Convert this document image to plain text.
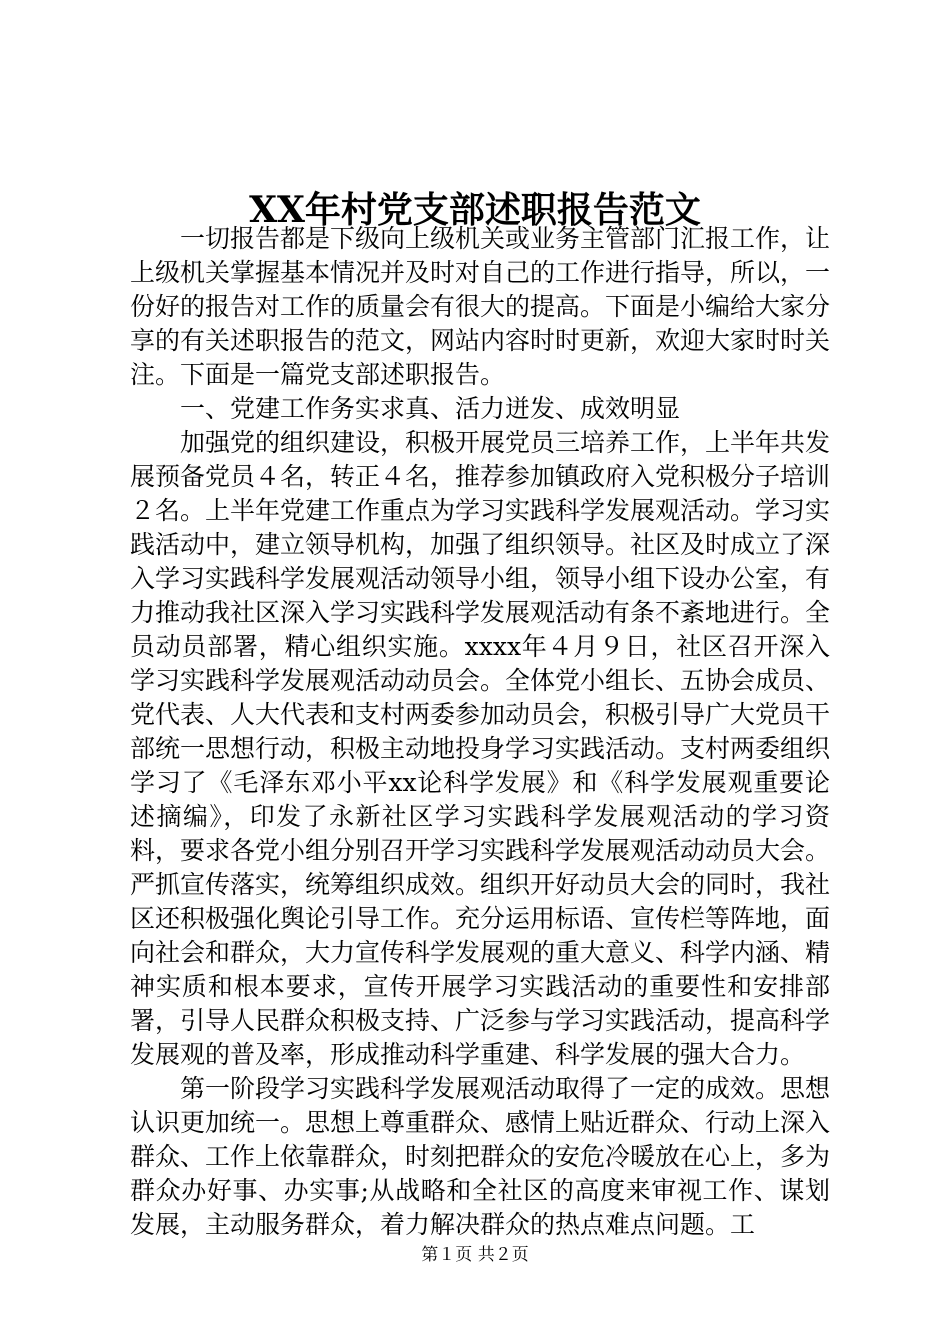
XX年村党支部述职报告范文

一切报告都是下级向上级机关或业务主管部门汇报工作，让上级机关掌握基本情况并及时对自己的工作进行指导，所以，一份好的报告对工作的质量会有很大的提高。下面是小编给大家分享的有关述职报告的范文，网站内容时时更新，欢迎大家时时关注。下面是一篇党支部述职报告。

一、党建工作务实求真、活力迸发、成效明显

加强党的组织建设，积极开展党员三培养工作，上半年共发展预备党员４名，转正４名，推荐参加镇政府入党积极分子培训２名。上半年党建工作重点为学习实践科学发展观活动。学习实践活动中，建立领导机构，加强了组织领导。社区及时成立了深入学习实践科学发展观活动领导小组，领导小组下设办公室，有力推动我社区深入学习实践科学发展观活动有条不紊地进行。全员动员部署，精心组织实施。xxxx年４月９日，社区召开深入学习实践科学发展观活动动员会。全体党小组长、五协会成员、党代表、人大代表和支村两委参加动员会，积极引导广大党员干部统一思想行动，积极主动地投身学习实践活动。支村两委组织学习了《毛泽东邓小平xx论科学发展》和《科学发展观重要论述摘编》，印发了永新社区学习实践科学发展观活动的学习资料，要求各党小组分别召开学习实践科学发展观活动动员大会。严抓宣传落实，统筹组织成效。组织开好动员大会的同时，我社区还积极强化舆论引导工作。充分运用标语、宣传栏等阵地，面向社会和群众，大力宣传科学发展观的重大意义、科学内涵、精神实质和根本要求，宣传开展学习实践活动的重要性和安排部署，引导人民群众积极支持、广泛参与学习实践活动，提高科学发展观的普及率，形成推动科学重建、科学发展的强大合力。

第一阶段学习实践科学发展观活动取得了一定的成效。思想认识更加统一。思想上尊重群众、感情上贴近群众、行动上深入群众、工作上依靠群众，时刻把群众的安危冷暖放在心上，多为群众办好事、办实事;从战略和全社区的高度来审视工作、谋划发展，主动服务群众，着力解决群众的热点难点问题。工

第１页 共２页
